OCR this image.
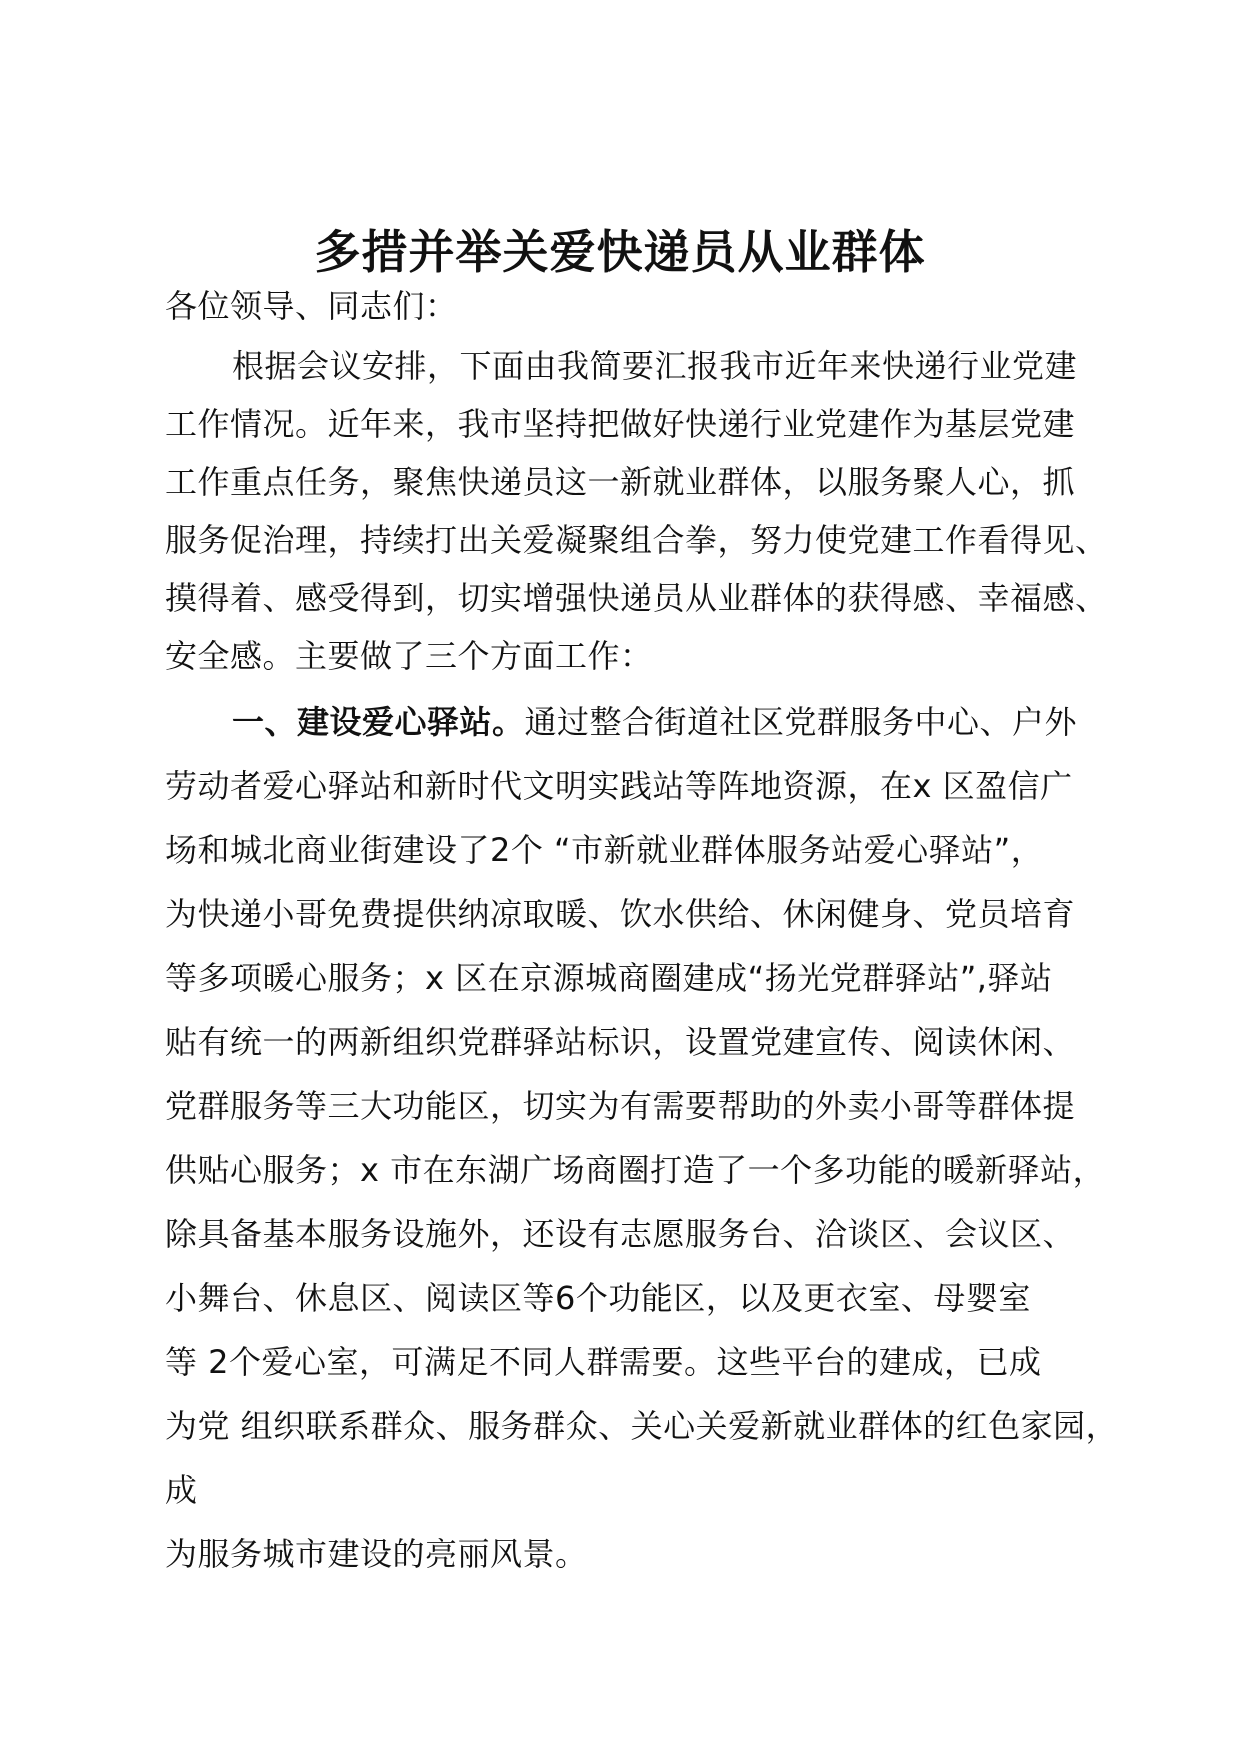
多措并举关爱快递员从业群体
各位领导、同志们：
根据会议安排，下面由我简要汇报我市近年来快递行业党建
工作情况。近年来，我市坚持把做好快递行业党建作为基层党建
工作重点任务，聚焦快递员这一新就业群体，以服务聚人心，抓
服务促治理，持续打出关爱凝聚组合拳，努力使党建工作看得见、
摸得着、感受得到，切实增强快递员从业群体的获得感、幸福感、
安全感。主要做了三个方面工作：
一、建设爱心驿站。通过整合街道社区党群服务中心、户外
劳动者爱心驿站和新时代文明实践站等阵地资源，在x 区盈信广
场和城北商业街建设了2个 “市新就业群体服务站爱心驿站”，
为快递小哥免费提供纳凉取暖、饮水供给、休闲健身、党员培育
等多项暖心服务；x 区在京源城商圈建成“扬光党群驿站”,驿站
贴有统一的两新组织党群驿站标识，设置党建宣传、阅读休闲、
党群服务等三大功能区，切实为有需要帮助的外卖小哥等群体提
供贴心服务；x 市在东湖广场商圈打造了一个多功能的暖新驿站，
除具备基本服务设施外，还设有志愿服务台、洽谈区、会议区、
小舞台、休息区、阅读区等6个功能区，以及更衣室、母婴室
等 2个爱心室，可满足不同人群需要。这些平台的建成，已成
为党 组织联系群众、服务群众、关心关爱新就业群体的红色家园，
成
为服务城市建设的亮丽风景。
